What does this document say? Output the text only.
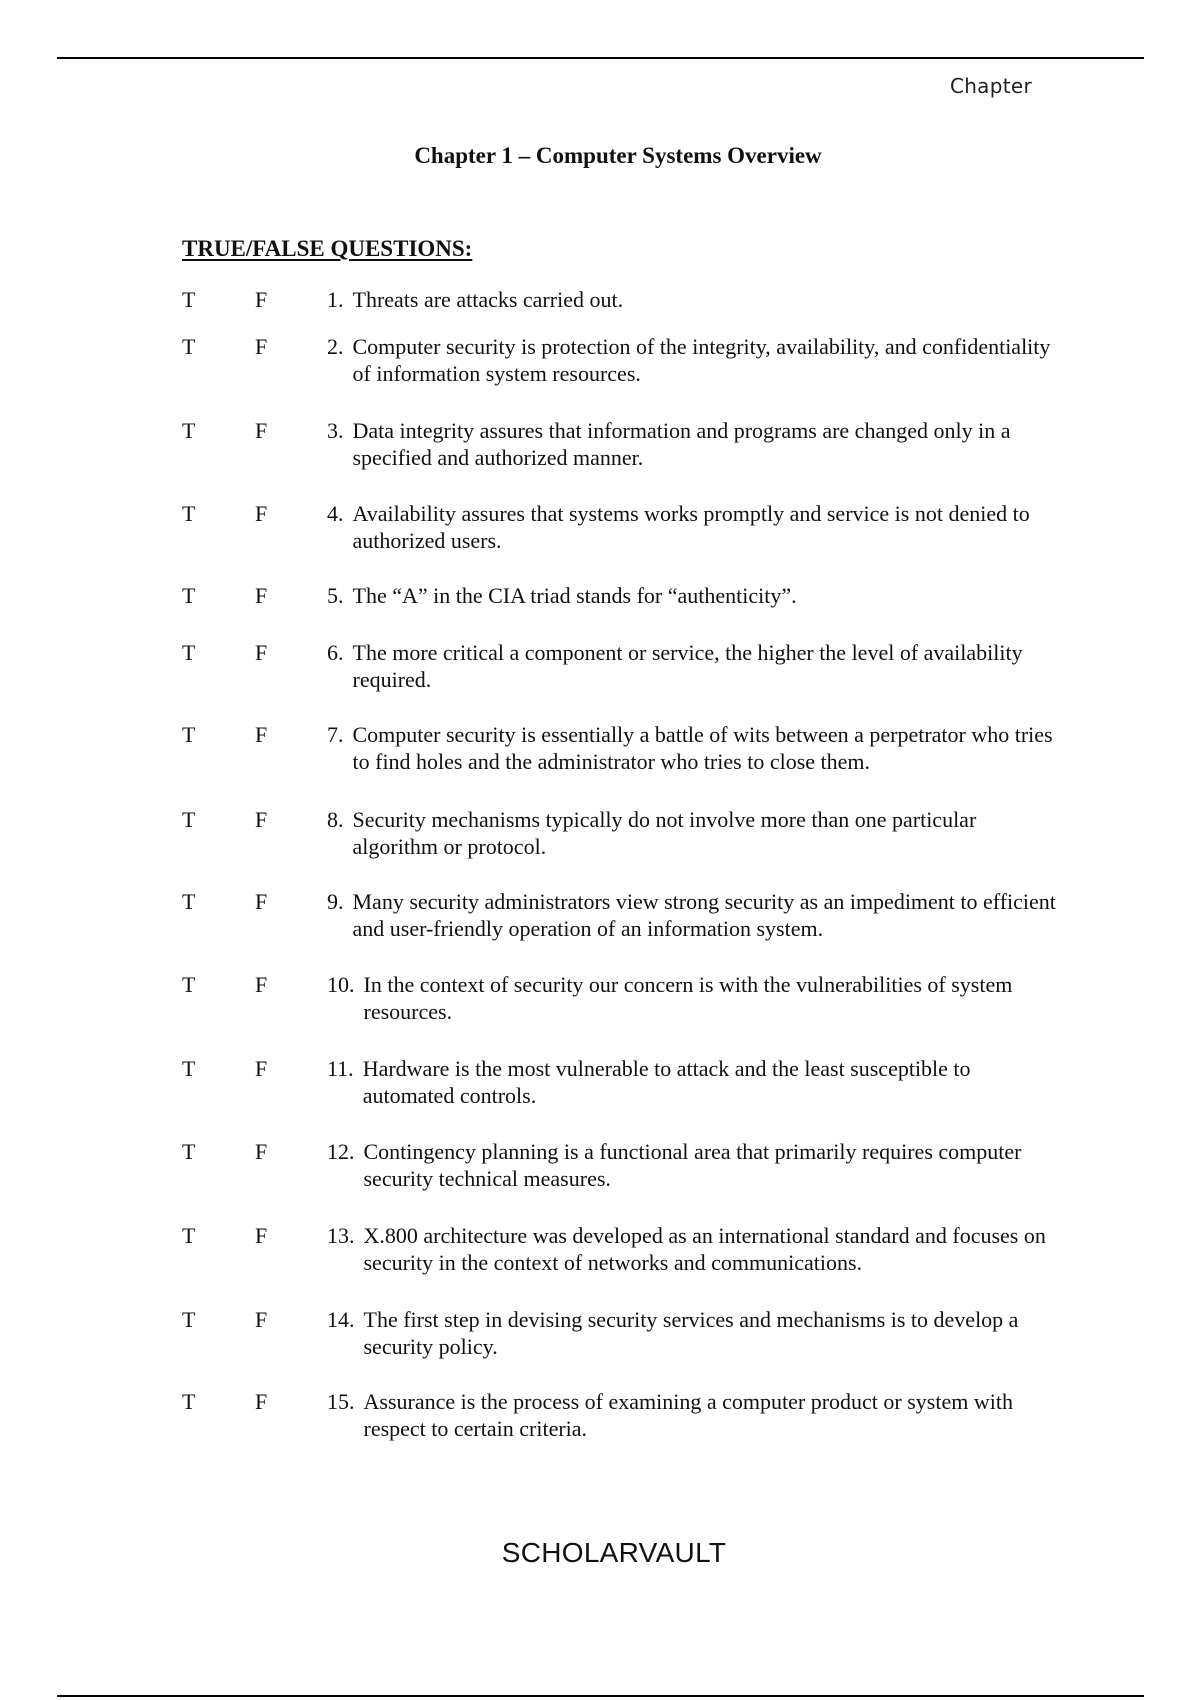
Chapter
Chapter 1 – Computer Systems Overview
TRUE/FALSE QUESTIONS:
T	F	1. Threats are attacks carried out.
T	F	2. Computer security is protection of the integrity, availability, and confidentiality of information system resources.
T	F	3. Data integrity assures that information and programs are changed only in a specified and authorized manner.
T	F	4. Availability assures that systems works promptly and service is not denied to authorized users.
T	F	5. The “A” in the CIA triad stands for “authenticity”.
T	F	6. The more critical a component or service, the higher the level of availability required.
T	F	7. Computer security is essentially a battle of wits between a perpetrator who tries to find holes and the administrator who tries to close them.
T	F	8. Security mechanisms typically do not involve more than one particular algorithm or protocol.
T	F	9. Many security administrators view strong security as an impediment to efficient and user-friendly operation of an information system.
T	F	10. In the context of security our concern is with the vulnerabilities of system resources.
T	F	11. Hardware is the most vulnerable to attack and the least susceptible to automated controls.
T	F	12. Contingency planning is a functional area that primarily requires computer security technical measures.
T	F	13. X.800 architecture was developed as an international standard and focuses on security in the context of networks and communications.
T	F	14. The first step in devising security services and mechanisms is to develop a security policy.
T	F	15. Assurance is the process of examining a computer product or system with respect to certain criteria.
SCHOLARVAULT
